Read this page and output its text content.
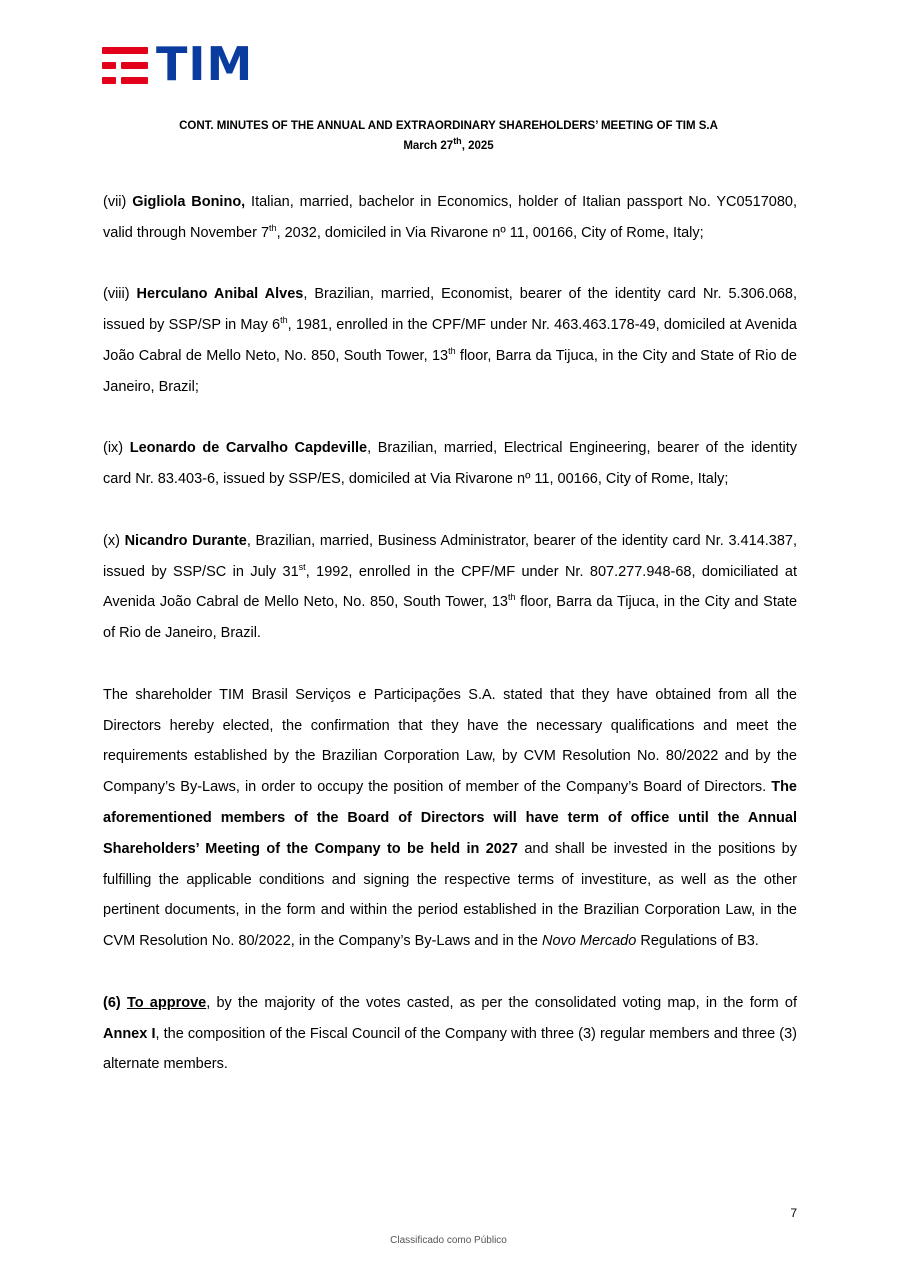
TIM
CONT. MINUTES OF THE ANNUAL AND EXTRAORDINARY SHAREHOLDERS’ MEETING OF TIM S.A
March 27th, 2025

(vii) Gigliola Bonino, Italian, married, bachelor in Economics, holder of Italian passport No. YC0517080, valid through November 7th, 2032, domiciled in Via Rivarone nº 11, 00166, City of Rome, Italy;

(viii) Herculano Anibal Alves, Brazilian, married, Economist, bearer of the identity card Nr. 5.306.068, issued by SSP/SP in May 6th, 1981, enrolled in the CPF/MF under Nr. 463.463.178-49, domiciled at Avenida João Cabral de Mello Neto, No. 850, South Tower, 13th floor, Barra da Tijuca, in the City and State of Rio de Janeiro, Brazil;

(ix) Leonardo de Carvalho Capdeville, Brazilian, married, Electrical Engineering, bearer of the identity card Nr. 83.403-6, issued by SSP/ES, domiciled at Via Rivarone nº 11, 00166, City of Rome, Italy;

(x) Nicandro Durante, Brazilian, married, Business Administrator, bearer of the identity card Nr. 3.414.387, issued by SSP/SC in July 31st, 1992, enrolled in the CPF/MF under Nr. 807.277.948-68, domiciliated at Avenida João Cabral de Mello Neto, No. 850, South Tower, 13th floor, Barra da Tijuca, in the City and State of Rio de Janeiro, Brazil.

The shareholder TIM Brasil Serviços e Participações S.A. stated that they have obtained from all the Directors hereby elected, the confirmation that they have the necessary qualifications and meet the requirements established by the Brazilian Corporation Law, by CVM Resolution No. 80/2022 and by the Company’s By-Laws, in order to occupy the position of member of the Company’s Board of Directors. The aforementioned members of the Board of Directors will have term of office until the Annual Shareholders’ Meeting of the Company to be held in 2027 and shall be invested in the positions by fulfilling the applicable conditions and signing the respective terms of investiture, as well as the other pertinent documents, in the form and within the period established in the Brazilian Corporation Law, in the CVM Resolution No. 80/2022, in the Company’s By-Laws and in the Novo Mercado Regulations of B3.

(6) To approve, by the majority of the votes casted, as per the consolidated voting map, in the form of Annex I, the composition of the Fiscal Council of the Company with three (3) regular members and three (3) alternate members.

7
Classificado como Público
